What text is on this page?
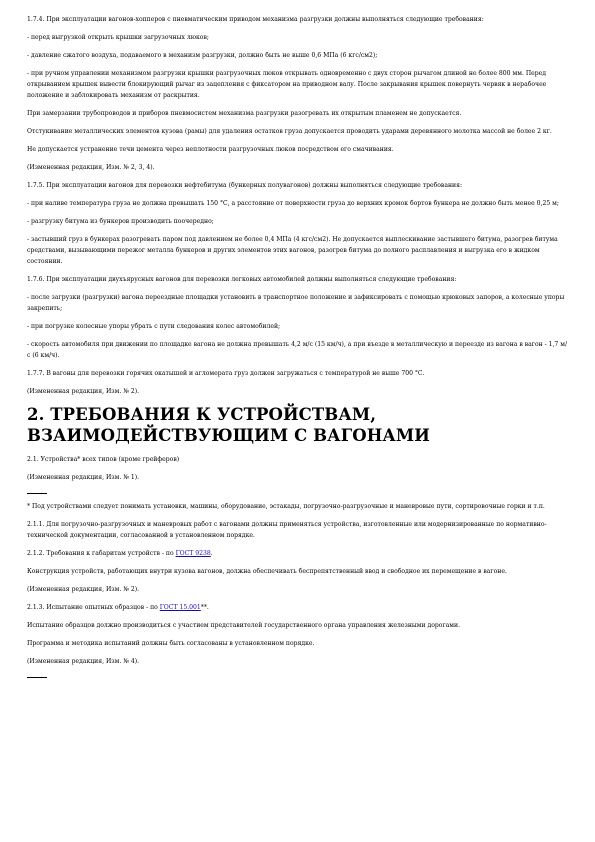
1.7.4. При эксплуатации вагонов-хопперов с пневматическим приводом механизма разгрузки должны выполняться следующие требования:

- перед выгрузкой открыть крышки загрузочных люков;

- давление сжатого воздуха, подаваемого в механизм разгрузки, должно быть не выше 0,6 МПа (6 кгс/см2);

- при ручном управлении механизмом разгрузки крышки разгрузочных люков открывать одновременно с двух сторон рычагом длиной не более 800 мм. Перед открыванием крышек вывести блокирующий рычаг из зацепления с фиксатором на приводном валу. После закрывания крышек повернуть червяк в нерабочее положение и заблокировать механизм от раскрытия.

При замерзании трубопроводов и приборов пневмосистем механизма разгрузки разогревать их открытым пламенем не допускается.

Отстукивание металлических элементов кузова (рамы) для удаления остатков груза допускается проводить ударами деревянного молотка массой не более 2 кг.

Не допускается устранение течи цемента через неплотности разгрузочных люков посредством его смачивания.

(Измененная редакция, Изм. № 2, 3, 4).

1.7.5. При эксплуатации вагонов для перевозки нефтебитума (бункерных полувагонов) должны выполняться следующие требования:

- при наливе температура груза не должна превышать 150 °С, а расстояние от поверхности груза до верхних кромок бортов бункера не должно быть менее 0,25 м;

- разгрузку битума из бункеров производить поочередно;

- застывший груз в бункерах разогревать паром под давлением не более 0,4 МПа (4 кгс/см2). Не допускается выплескивание застывшего битума, разогрев битума средствами, вызывающими пережог металла бункеров и других элементов этих вагонов, разогрев битума до полного расплавления и выгрузка его в жидком состоянии.

1.7.6. При эксплуатации двухъярусных вагонов для перевозки легковых автомобилей должны выполняться следующие требования:

- после загрузки (разгрузки) вагона переездные площадки установить в транспортное положение и зафиксировать с помощью крюковых запоров, а колесные упоры закрепить;

- при погрузке колесные упоры убрать с пути следования колес автомобилей;

- скорость автомобиля при движении по площадке вагона не должна превышать 4,2 м/с (15 км/ч), а при въезде в металлическую и переезде из вагона в вагон - 1,7 м/с (6 км/ч).

1.7.7. В вагоны для перевозки горячих окатышей и агломерата груз должен загружаться с температурой не выше 700 °С.

(Измененная редакция, Изм. № 2).

2. ТРЕБОВАНИЯ К УСТРОЙСТВАМ, ВЗАИМОДЕЙСТВУЮЩИМ С ВАГОНАМИ

2.1. Устройства* всех типов (кроме грейферов)

(Измененная редакция, Изм. № 1).

* Под устройствами следует понимать установки, машины, оборудование, эстакады, погрузочно-разгрузочные и маневровые пути, сортировочные горки и т.п.

2.1.1. Для погрузочно-разгрузочных и маневровых работ с вагонами должны применяться устройства, изготовленные или модернизированные по нормативно-технической документации, согласованной в установленном порядке.

2.1.2. Требования к габаритам устройств - по ГОСТ 9238.

Конструкция устройств, работающих внутри кузова вагонов, должна обеспечивать беспрепятственный ввод и свободное их перемещение в вагоне.

(Измененная редакция, Изм. № 2).

2.1.3. Испытание опытных образцов - по ГОСТ 15.001**.

Испытание образцов должно производиться с участием представителей государственного органа управления железными дорогами.

Программа и методика испытаний должны быть согласованы в установленном порядке.

(Измененная редакция, Изм. № 4).
